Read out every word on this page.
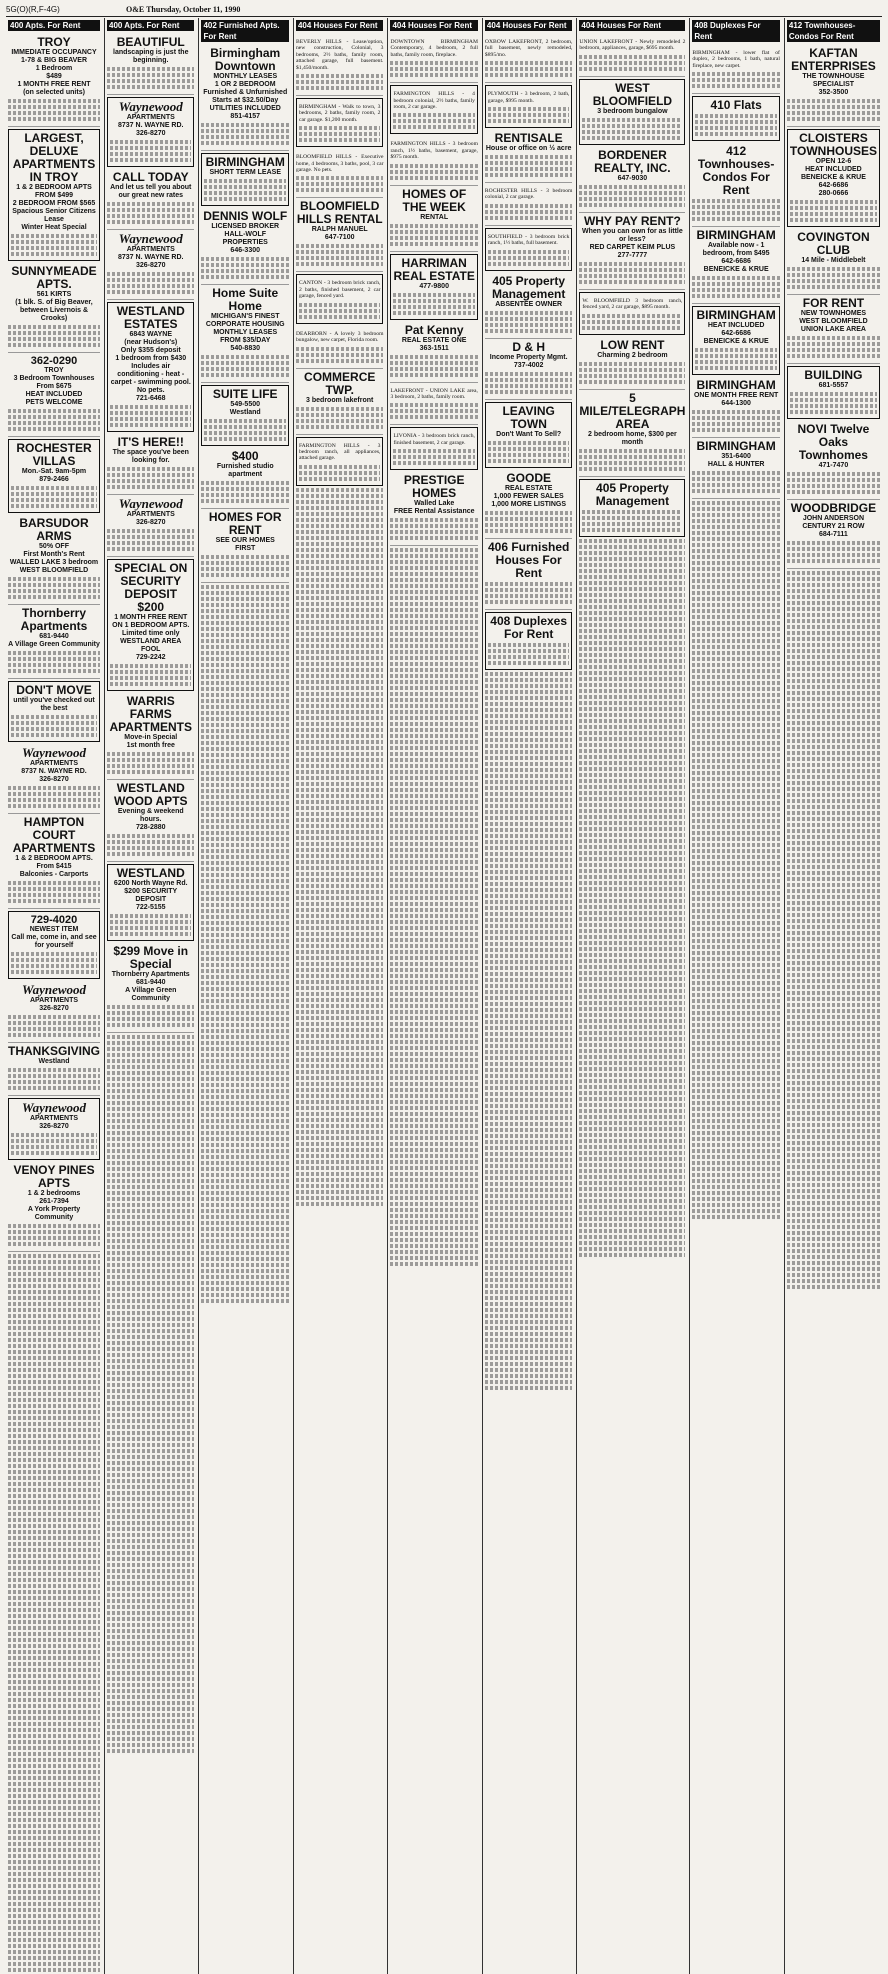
5G(O)(R,F-4G)	O&E Thursday, October 11, 1990
400 Apts. For Rent
TROY
IMMEDIATE OCCUPANCY
1-78 & BIG BEAVER
1 Bedroom
$489
1 MONTH FREE RENT
(on selected units)
LARGEST, DELUXE APARTMENTS IN TROY
1 & 2 BEDROOM APTS
FROM $499
2 BEDROOM FROM $565
Spacious Senior Citizens Lease
Winter Heat Special
SUNNYMEADE APTS.
561 KIRTS
(1 blk. S. of Big Beaver, between Livernois & Crooks)
362-0290
TROY
3 Bedroom Townhouses
From $675
HEAT INCLUDED
PETS WELCOME
ROCHESTER VILLAS
Mon.-Sat. 9am-5pm
879-2466
BARSUDOR ARMS
50% OFF
First Month's Rent
WALLED LAKE 3 bedroom
WEST BLOOMFIELD
Thornberry Apartments
681-9440
A Village Green Community
DON'T MOVE
until you've checked out the best
Waynewood
APARTMENTS
8737 N. WAYNE RD.
326-8270
HAMPTON COURT APARTMENTS
1 & 2 BEDROOM APTS.
From $415
Balconies - Carports
729-4020
NEWEST ITEM
Call me, come in, and see for yourself
Waynewood
APARTMENTS
326-8270
THANKSGIVING
Westland
Waynewood
APARTMENTS
326-8270
VENOY PINES APTS
1 & 2 bedrooms
261-7394
A York Property Community
400 Apts. For Rent
BEAUTIFUL
landscaping is just the beginning.
Waynewood
APARTMENTS
8737 N. WAYNE RD.
326-8270
CALL TODAY
And let us tell you about our great new rates
Waynewood
APARTMENTS
8737 N. WAYNE RD.
326-8270
WESTLAND ESTATES
6843 WAYNE
(near Hudson's)
Only $355 deposit
1 bedroom from $430
Includes air conditioning - heat - carpet - swimming pool. No pets.
721-6468
IT'S HERE!!
The space you've been looking for.
Waynewood
APARTMENTS
326-8270
SPECIAL ON SECURITY DEPOSIT $200
1 MONTH FREE RENT ON 1 BEDROOM APTS.
Limited time only
WESTLAND AREA
FOOL
729-2242
WARRIS FARMS APARTMENTS
Move-in Special
1st month free
WESTLAND WOOD APTS
Evening & weekend hours.
728-2880
WESTLAND
6200 North Wayne Rd.
$200 SECURITY DEPOSIT
722-5155
$299 Move in Special
Thornberry Apartments
681-9440
A Village Green Community
402 Furnished Apts. For Rent
Birmingham Downtown
MONTHLY LEASES
1 OR 2 BEDROOM
Furnished & Unfurnished
Starts at $32.50/Day
UTILITIES INCLUDED
851-4157
BIRMINGHAM
SHORT TERM LEASE
DENNIS WOLF
LICENSED BROKER
HALL-WOLF PROPERTIES
646-3300
Home Suite Home
MICHIGAN'S FINEST
CORPORATE HOUSING
MONTHLY LEASES
FROM $35/DAY
540-8830
SUITE LIFE
549-5500
Westland
$400
Furnished studio apartment
HOMES FOR RENT
SEE OUR HOMES
FIRST
404 Houses For Rent
BEVERLY HILLS - Lease/option, new construction, Colonial, 3 bedrooms, 2½ baths, family room, attached garage, full basement. $1,450/month.
BIRMINGHAM - Walk to town, 3 bedrooms, 2 baths, family room, 2 car garage. $1,200 month.
BLOOMFIELD HILLS - Executive home, 4 bedrooms, 3 baths, pool, 3 car garage. No pets.
BLOOMFIELD HILLS RENTAL
RALPH MANUEL
647-7100
CANTON - 3 bedroom brick ranch, 2 baths, finished basement, 2 car garage, fenced yard.
DEARBORN - A lovely 3 bedroom bungalow, new carpet, Florida room.
COMMERCE TWP.
3 bedroom lakefront
FARMINGTON HILLS - 3 bedroom ranch, all appliances, attached garage.
404 Houses For Rent
DOWNTOWN BIRMINGHAM Contemporary, 4 bedroom, 2 full baths, family room, fireplace.
FARMINGTON HILLS - 4 bedroom colonial, 2½ baths, family room, 2 car garage.
FARMINGTON HILLS - 3 bedroom ranch, 1½ baths, basement, garage, $975 month.
HOMES OF THE WEEK
RENTAL
HARRIMAN REAL ESTATE
477-9800
Pat Kenny
REAL ESTATE ONE
363-1511
LAKEFRONT - UNION LAKE area, 3 bedroom, 2 baths, family room.
LIVONIA - 3 bedroom brick ranch, finished basement, 2 car garage.
PRESTIGE HOMES
Walled Lake
FREE Rental Assistance
404 Houses For Rent
OXBOW LAKEFRONT, 2 bedroom, full basement, newly remodeled, $895/mo.
PLYMOUTH - 3 bedroom, 2 bath, garage, $995 month.
RENTISALE
House or office on ½ acre
ROCHESTER HILLS - 3 bedroom colonial, 2 car garage.
SOUTHFIELD - 3 bedroom brick ranch, 1½ baths, full basement.
405 Property Management
ABSENTEE OWNER
D & H
Income Property Mgmt.
737-4002
LEAVING TOWN
Don't Want To Sell?
GOODE
REAL ESTATE
1,000 FEWER SALES
1,000 MORE LISTINGS
406 Furnished Houses For Rent
408 Duplexes For Rent
404 Houses For Rent
UNION LAKEFRONT - Newly remodeled 2 bedroom, appliances, garage, $695 month.
WEST BLOOMFIELD
3 bedroom bungalow
BORDENER REALTY, INC.
647-9030
WHY PAY RENT?
When you can own for as little or less?
RED CARPET KEIM PLUS
277-7777
W. BLOOMFIELD 3 bedroom ranch, fenced yard, 2 car garage, $895 month.
LOW RENT
Charming 2 bedroom
5 MILE/TELEGRAPH AREA
2 bedroom home, $300 per month
405 Property Management
408 Duplexes For Rent
BIRMINGHAM - lower flat of duplex, 2 bedrooms, 1 bath, natural fireplace, new carpet.
410 Flats
412 Townhouses-Condos For Rent
BIRMINGHAM
Available now - 1 bedroom, from $495
642-6686
BENEICKE & KRUE
BIRMINGHAM
HEAT INCLUDED
642-6686
BENEICKE & KRUE
BIRMINGHAM
ONE MONTH FREE RENT
644-1300
BIRMINGHAM
351-6400
HALL & HUNTER
412 Townhouses-Condos For Rent
KAFTAN ENTERPRISES
THE TOWNHOUSE SPECIALIST
352-3500
CLOISTERS TOWNHOUSES
OPEN 12-6
HEAT INCLUDED
BENEICKE & KRUE
642-6686
280-0666
COVINGTON CLUB
14 Mile - Middlebelt
FOR RENT
NEW TOWNHOMES
WEST BLOOMFIELD
UNION LAKE AREA
BUILDING
681-5557
NOVI Twelve Oaks Townhomes
471-7470
WOODBRIDGE
JOHN ANDERSON
CENTURY 21 ROW
684-7111
